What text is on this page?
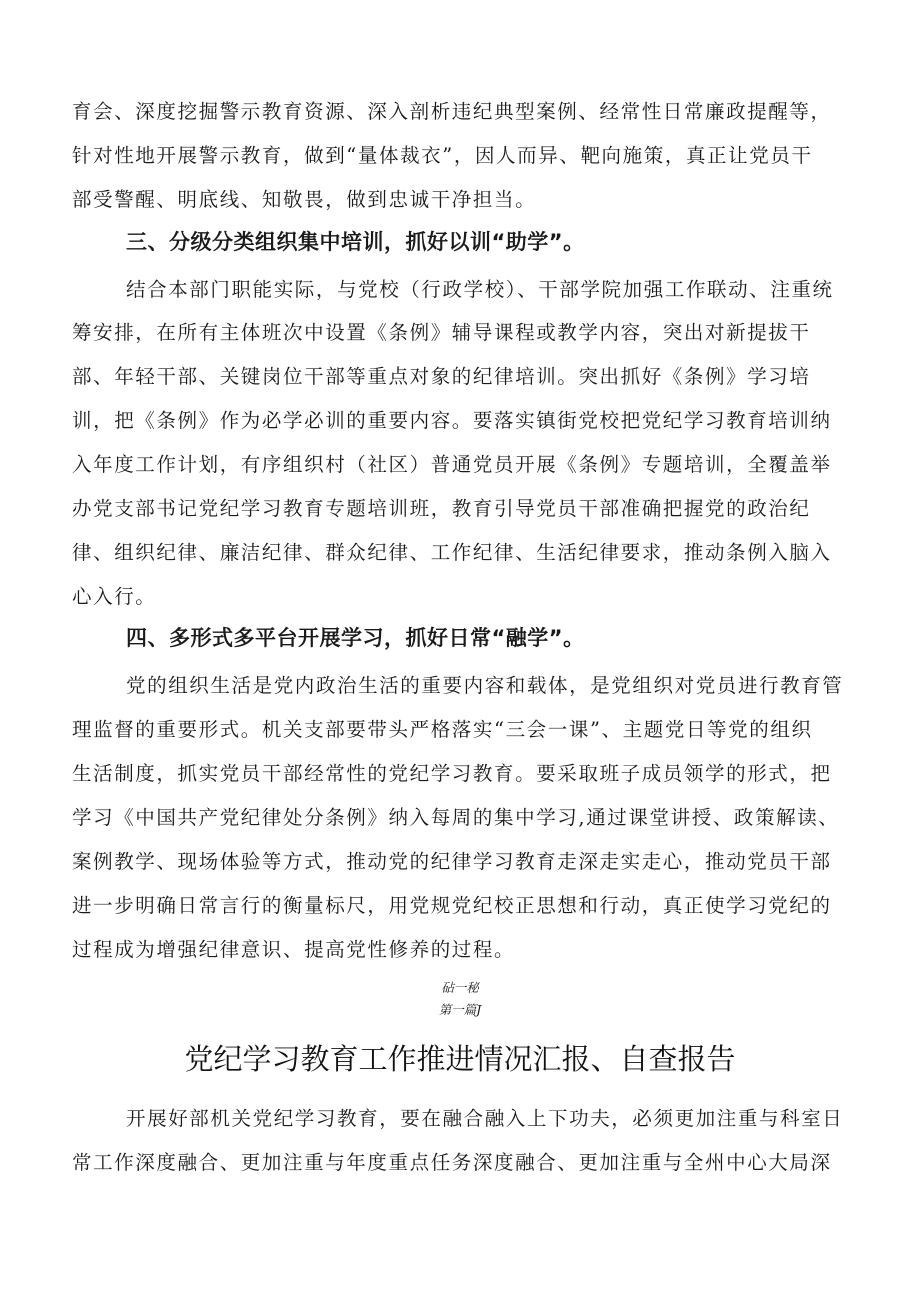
育会、深度挖掘警示教育资源、深入剖析违纪典型案例、经常性日常廉政提醒等，
针对性地开展警示教育，做到“量体裁衣”，因人而异、靶向施策，真正让党员干
部受警醒、明底线、知敬畏，做到忠诚干净担当。
三、分级分类组织集中培训，抓好以训“助学”。
结合本部门职能实际，与党校（行政学校）、干部学院加强工作联动、注重统
筹安排，在所有主体班次中设置《条例》辅导课程或教学内容，突出对新提拔干
部、年轻干部、关键岗位干部等重点对象的纪律培训。突出抓好《条例》学习培
训，把《条例》作为必学必训的重要内容。要落实镇街党校把党纪学习教育培训纳
入年度工作计划，有序组织村（社区）普通党员开展《条例》专题培训，全覆盖举
办党支部书记党纪学习教育专题培训班，教育引导党员干部准确把握党的政治纪
律、组织纪律、廉洁纪律、群众纪律、工作纪律、生活纪律要求，推动条例入脑入
心入行。
四、多形式多平台开展学习，抓好日常“融学”。
党的组织生活是党内政治生活的重要内容和载体，是党组织对党员进行教育管
理监督的重要形式。机关支部要带头严格落实“三会一课”、主题党日等党的组织
生活制度，抓实党员干部经常性的党纪学习教育。要采取班子成员领学的形式，把
学习《中国共产党纪律处分条例》纳入每周的集中学习,通过课堂讲授、政策解读、
案例教学、现场体验等方式，推动党的纪律学习教育走深走实走心，推动党员干部
进一步明确日常言行的衡量标尺，用党规党纪校正思想和行动，真正使学习党纪的
过程成为增强纪律意识、提高党性修养的过程。
砧一秘
第一篇J
党纪学习教育工作推进情况汇报、自查报告
开展好部机关党纪学习教育，要在融合融入上下功夫，必须更加注重与科室日
常工作深度融合、更加注重与年度重点任务深度融合、更加注重与全州中心大局深
